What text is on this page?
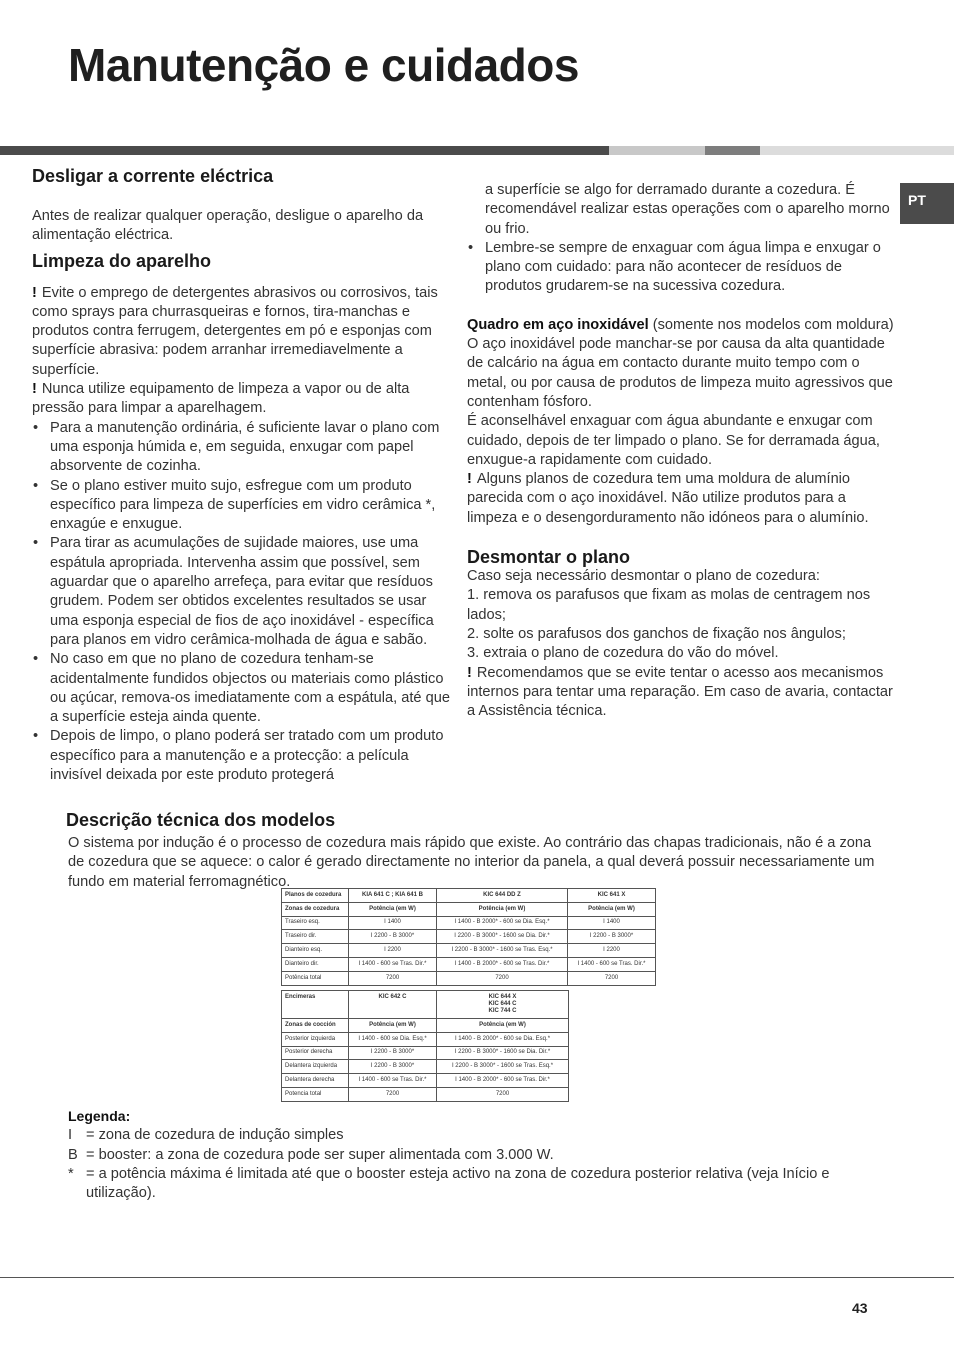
Manutenção e cuidados
PT
Desligar a corrente eléctrica

Antes de realizar qualquer operação, desligue o aparelho da alimentação eléctrica.

Limpeza do aparelho

! Evite o emprego de detergentes abrasivos ou corrosivos, tais como sprays para churrasqueiras e fornos, tira-manchas e produtos contra ferrugem, detergentes em pó e esponjas com superfície abrasiva: podem arranhar irremediavelmente a superfície.

! Nunca utilize equipamento de limpeza a vapor ou de alta pressão para limpar a aparelhagem.

• Para a manutenção ordinária, é suficiente lavar o plano com uma esponja húmida e, em seguida, enxugar com papel absorvente de cozinha.
• Se o plano estiver muito sujo, esfregue com um produto específico para limpeza de superfícies em vidro cerâmica *, enxagúe e enxugue.
• Para tirar as acumulações de sujidade maiores, use uma espátula apropriada. Intervenha assim que possível, sem aguardar que o aparelho arrefeça, para evitar que resíduos grudem. Podem ser obtidos excelentes resultados se usar uma esponja especial de fios de aço inoxidável - específica para planos em vidro cerâmica-molhada de água e sabão.
• No caso em que no plano de cozedura tenham-se acidentalmente fundidos objectos ou materiais como plástico ou açúcar, remova-os imediatamente com a espátula, até que a superfície esteja ainda quente.
• Depois de limpo, o plano poderá ser tratado com um produto específico para a manutenção e a protecção: a película invisível deixada por este produto protegerá

a superfície se algo for derramado durante a cozedura. É recomendável realizar estas operações com o aparelho morno ou frio.

• Lembre-se sempre de enxaguar com água limpa e enxugar o plano com cuidado: para não acontecer de resíduos de produtos grudarem-se na sucessiva cozedura.

Quadro em aço inoxidável (somente nos modelos com moldura)

O aço inoxidável pode manchar-se por causa da alta quantidade de calcário na água em contacto durante muito tempo com o metal, ou por causa de produtos de limpeza muito agressivos que contenham fósforo.

É aconselhável enxaguar com água abundante e enxugar com cuidado, depois de ter limpado o plano. Se for derramada água, enxugue-a rapidamente com cuidado.

! Alguns planos de cozedura tem uma moldura de alumínio parecida com o aço inoxidável. Não utilize produtos para a limpeza e o desengorduramento não idóneos para o alumínio.

Desmontar o plano

Caso seja necessário desmontar o plano de cozedura:

1. remova os parafusos que fixam as molas de centragem nos lados;

2. solte os parafusos dos ganchos de fixação nos ângulos;

3. extraia o plano de cozedura do vão do móvel.

! Recomendamos que se evite tentar o acesso aos mecanismos internos para tentar uma reparação. Em caso de avaria, contactar a Assistência técnica.

Descrição técnica dos modelos

O sistema por indução é o processo de cozedura mais rápido que existe. Ao contrário das chapas tradicionais, não é a zona de cozedura que se aquece: o calor é gerado directamente no interior da panela, a qual deverá possuir necessariamente um fundo em material ferromagnético.

Planos de cozedura	KIA 641 C ; KIA 641 B	KIC 644 DD Z	KIC 641 X
Zonas de cozedura	Potência (em W)	Potência (em W)	Potência (em W)
Traseiro esq.	I 1400	I 1400 - B 2000* - 600 se Dia. Esq.*	I 1400
Traseiro dir.	I 2200 - B 3000*	I 2200 - B 3000* - 1600 se Dia. Dir.*	I 2200 - B 3000*
Dianteiro esq.	I 2200	I 2200 - B 3000* - 1600 se Tras. Esq.*	I 2200
Dianteiro dir.	I 1400 - 600 se Tras. Dir.*	I 1400 - B 2000* - 600 se Tras. Dir.*	I 1400 - 600 se Tras. Dir.*
Potência total	7200	7200	7200
Encimeras	KIC 642 C	KIC 644 X
KIC 644 C
KIC 744 C

Zonas de cocción	Potência (em W)	Potência (em W)
Posterior izquierda	I 1400 - 600 se Dia. Esq.*	I 1400 - B 2000* - 600 se Dia. Esq.*
Posterior derecha	I 2200 - B 3000*	I 2200 - B 3000* - 1600 se Dia. Dir.*
Delantera izquierda	I 2200 - B 3000*	I 2200 - B 3000* - 1600 se Tras. Esq.*
Delantera derecha	I 1400 - 600 se Tras. Dir.*	I 1400 - B 2000* - 600 se Tras. Dir.*
Potencia total	7200	7200
Legenda:
I = zona de cozedura de indução simples
B = booster: a zona de cozedura pode ser super alimentada com 3.000 W.
* = a potência máxima é limitada até que o booster esteja activo na zona de cozedura posterior relativa (veja Início e utilização).
43
